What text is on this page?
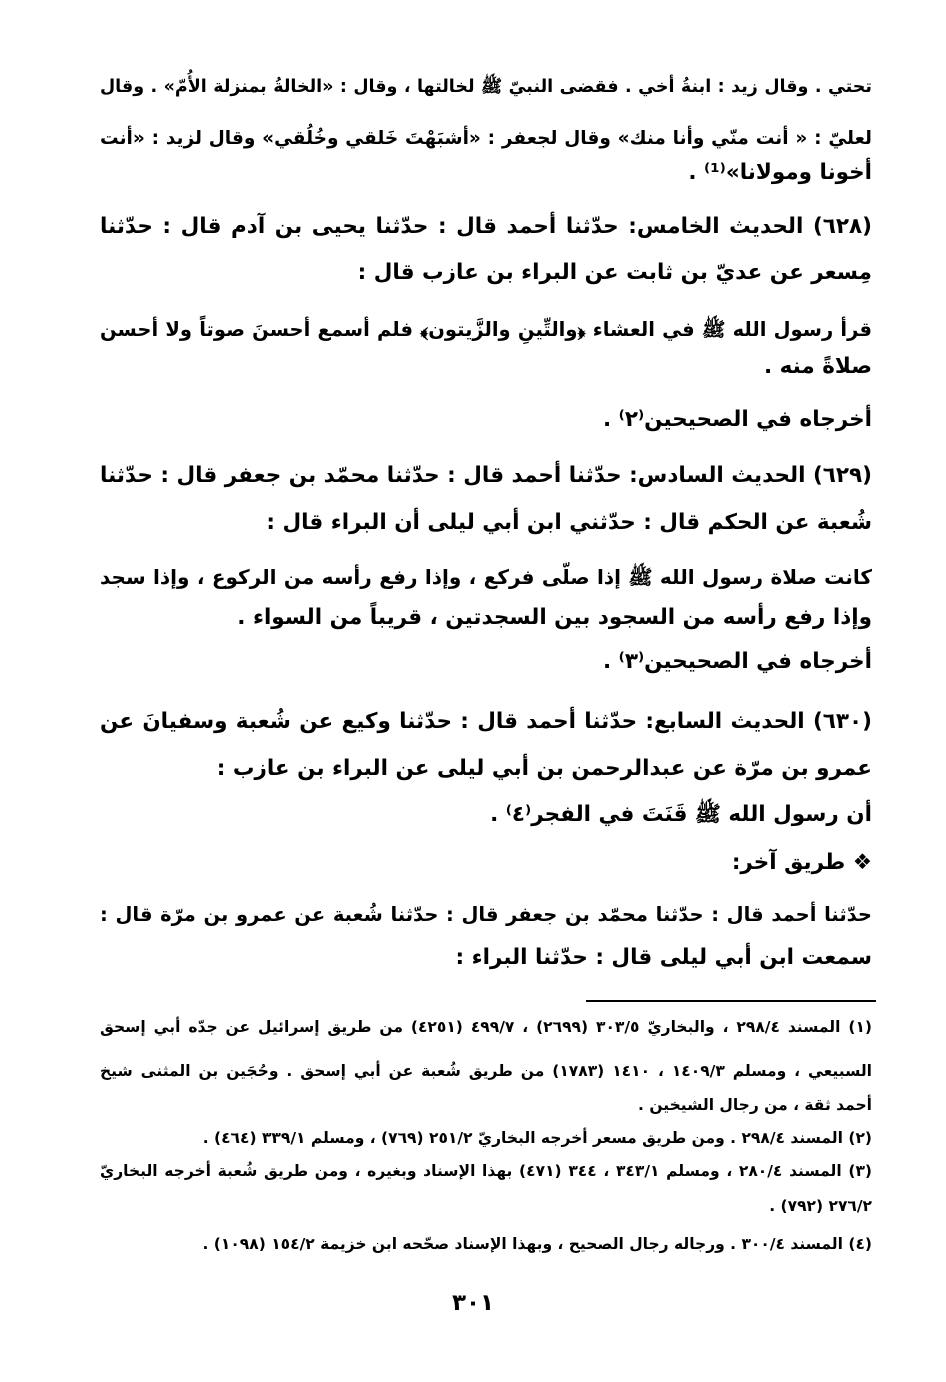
تحتي . وقال زيد : ابنةُ أخي . فقضى النبيّ ﷺ لخالتها ، وقال : «الخالةُ بمنزلة الأُمّ» . وقال
لعليّ : « أنت منّي وأنا منك» وقال لجعفر : «أشبَهْتَ خَلقي وخُلُقي» وقال لزيد : «أنت
أخونا ومولانا»⁽¹⁾ .
(٦٢٨) الحديث الخامس: حدّثنا أحمد قال : حدّثنا يحيى بن آدم قال : حدّثنا
مِسعر عن عديّ بن ثابت عن البراء بن عازب قال :
قرأ رسول الله ﷺ في العشاء ﴿والتِّينِ والزَّيتون﴾ فلم أسمع أحسنَ صوتاً ولا أحسن
صلاةً منه .
أخرجاه في الصحيحين⁽٢⁾ .
(٦٢٩) الحديث السادس: حدّثنا أحمد قال : حدّثنا محمّد بن جعفر قال : حدّثنا
شُعبة عن الحكم قال : حدّثني ابن أبي ليلى أن البراء قال :
كانت صلاة رسول الله ﷺ إذا صلّى فركع ، وإذا رفع رأسه من الركوع ، وإذا سجد
وإذا رفع رأسه من السجود بين السجدتين ، قريباً من السواء .
أخرجاه في الصحيحين⁽٣⁾ .
(٦٣٠) الحديث السابع: حدّثنا أحمد قال : حدّثنا وكيع عن شُعبة وسفيانَ عن
عمرو بن مرّة عن عبدالرحمن بن أبي ليلى عن البراء بن عازب :
أن رسول الله ﷺ قَنَتَ في الفجر⁽٤⁾ .
❖ طريق آخر:
حدّثنا أحمد قال : حدّثنا محمّد بن جعفر قال : حدّثنا شُعبة عن عمرو بن مرّة قال :
سمعت ابن أبي ليلى قال : حدّثنا البراء :
(١) المسند ٢٩٨/٤ ، والبخاريّ ٣٠٣/٥ (٢٦٩٩) ، ٤٩٩/٧ (٤٢٥١) من طريق إسرائيل عن جدّه أبي إسحق
السبيعي ، ومسلم ١٤٠٩/٣ ، ١٤١٠ (١٧٨٣) من طريق شُعبة عن أبي إسحق . وحُجَين بن المثنى شيخ
أحمد ثقة ، من رجال الشيخين .
(٢) المسند ٢٩٨/٤ . ومن طريق مسعر أخرجه البخاريّ ٢٥١/٢ (٧٦٩) ، ومسلم ٣٣٩/١ (٤٦٤) .
(٣) المسند ٢٨٠/٤ ، ومسلم ٣٤٣/١ ، ٣٤٤ (٤٧١) بهذا الإسناد وبغيره ، ومن طريق شُعبة أخرجه البخاريّ
٢٧٦/٢ (٧٩٢) .
(٤) المسند ٣٠٠/٤ . ورجاله رجال الصحيح ، وبهذا الإسناد صحّحه ابن خزيمة ١٥٤/٢ (١٠٩٨) .
٣٠١
